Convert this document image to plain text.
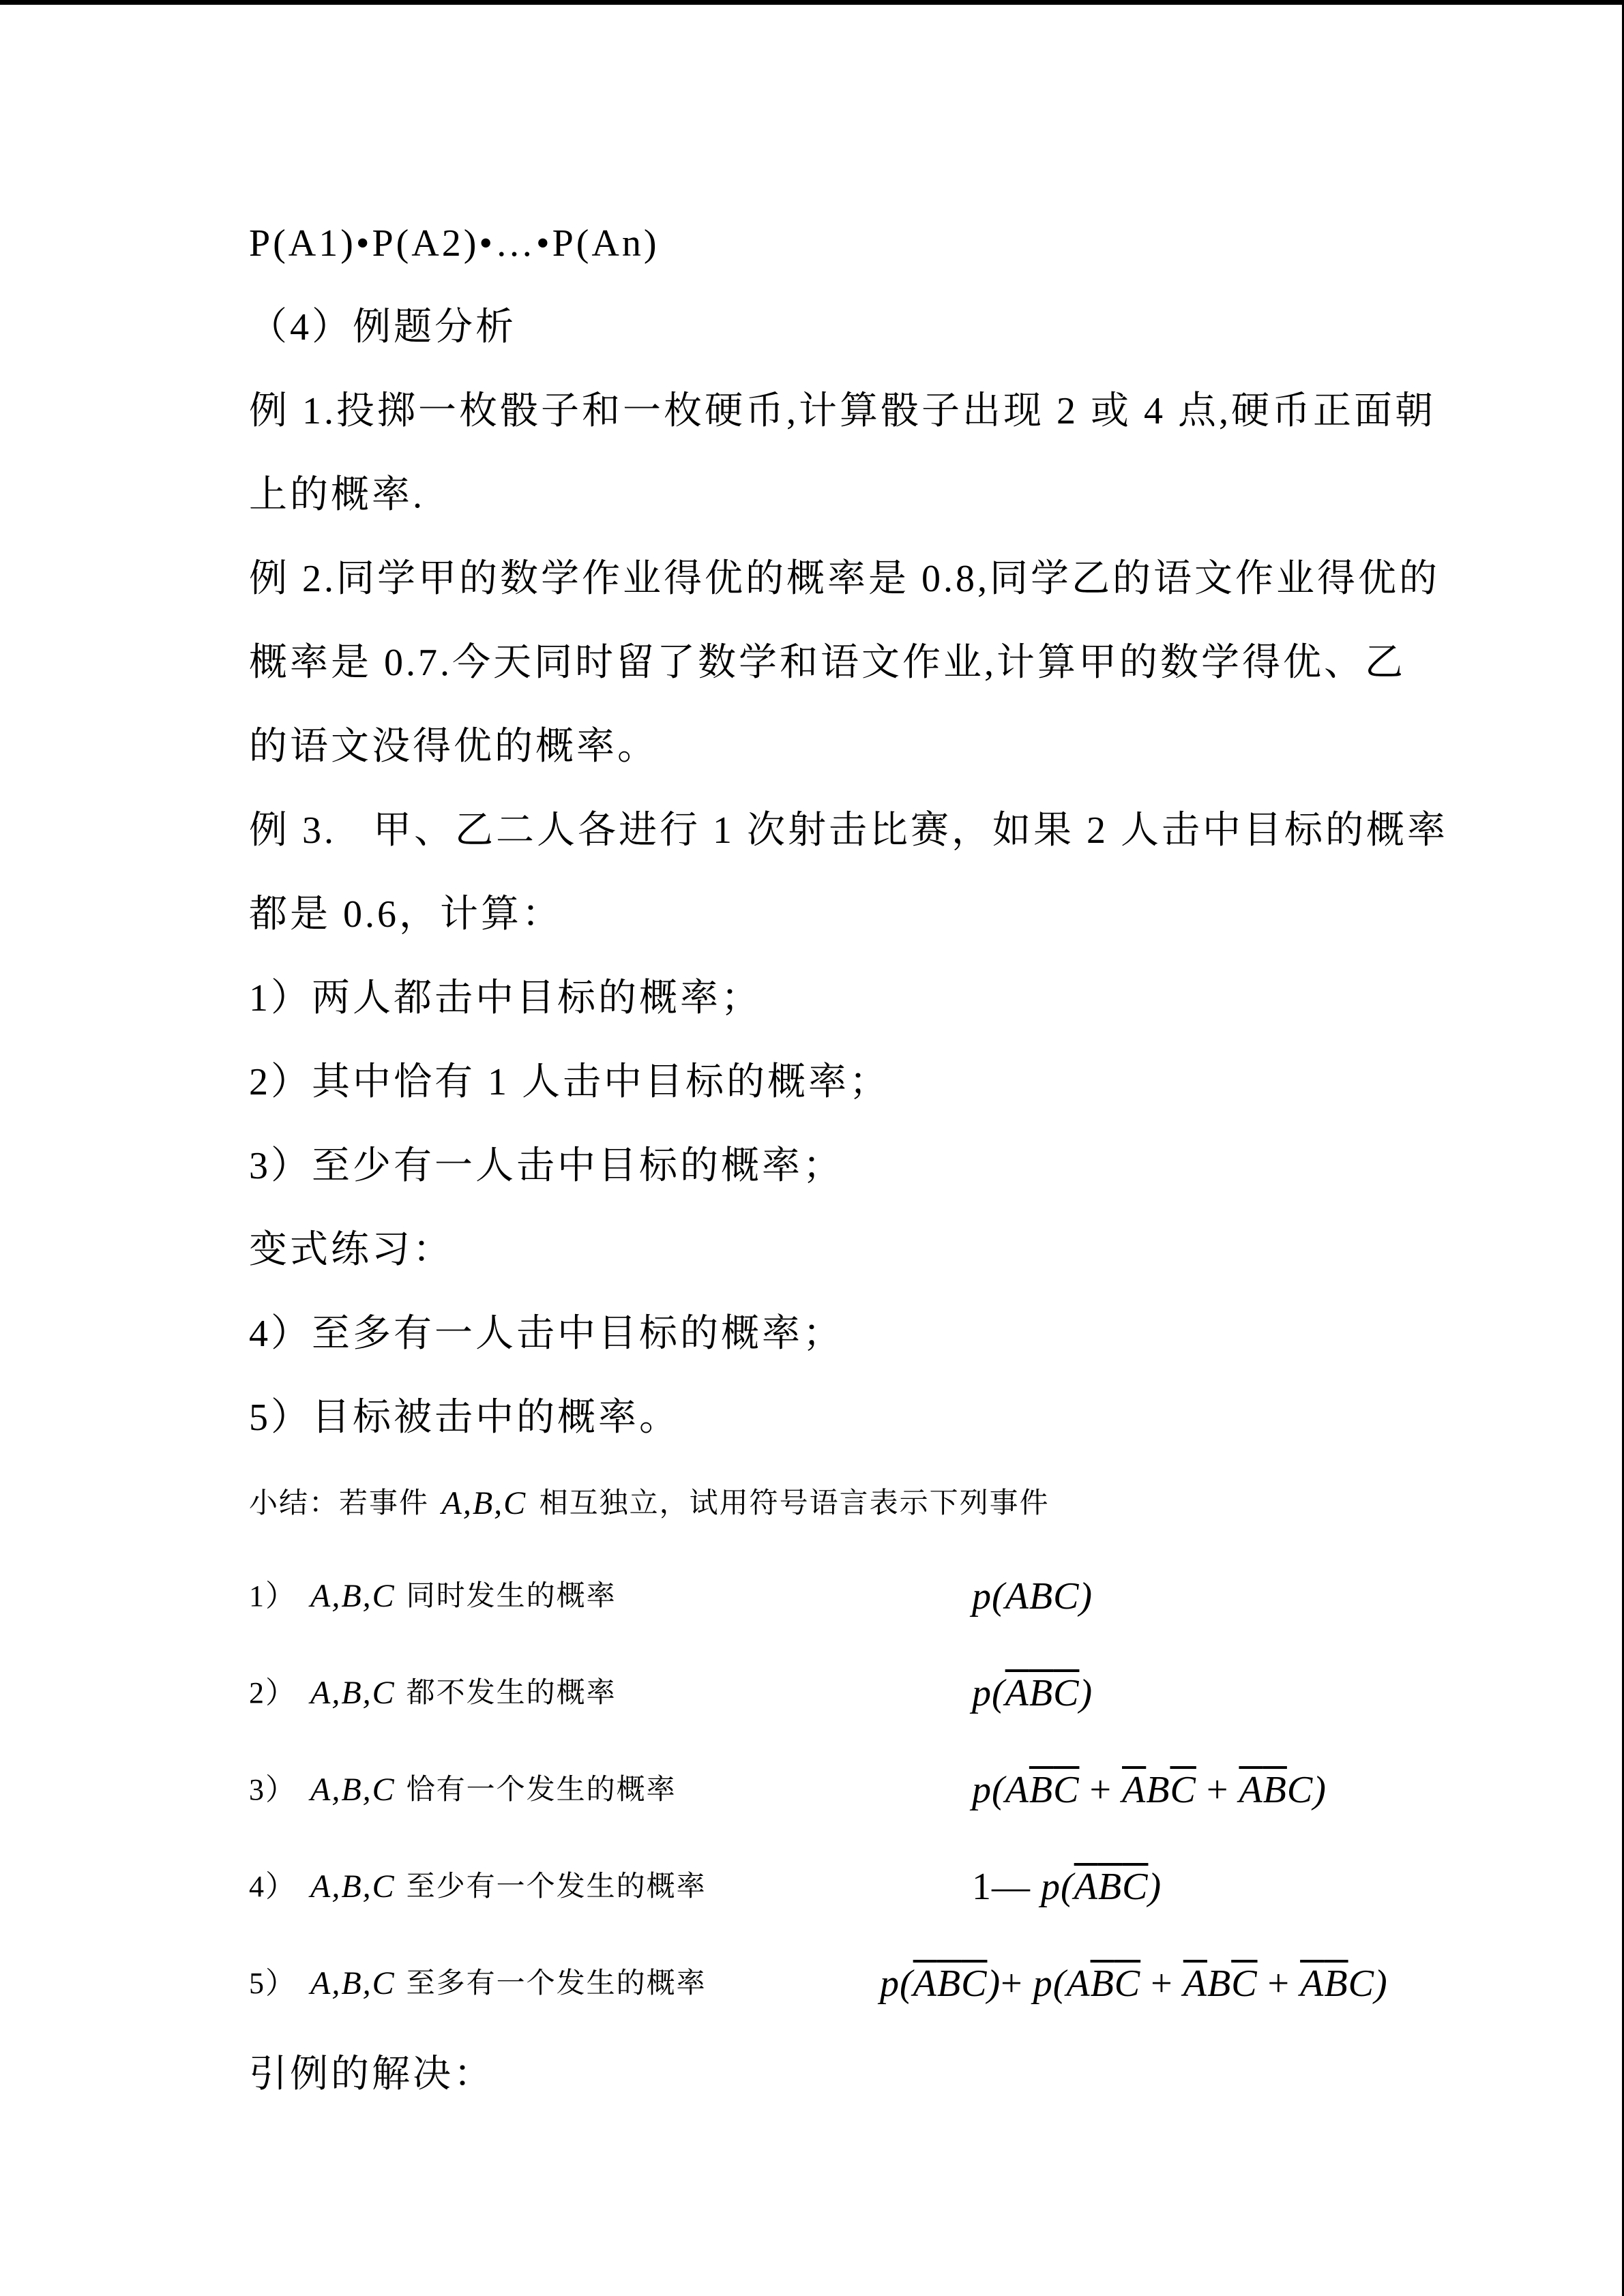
P(A1)•P(A2)•…•P(An)
（4）例题分析
例 1.投掷一枚骰子和一枚硬币,计算骰子出现 2 或 4 点,硬币正面朝
上的概率.
例 2.同学甲的数学作业得优的概率是 0.8,同学乙的语文作业得优的
概率是 0.7.今天同时留了数学和语文作业,计算甲的数学得优、乙
的语文没得优的概率。
例 3.   甲、乙二人各进行 1 次射击比赛，如果 2 人击中目标的概率
都是 0.6，计算：
1）两人都击中目标的概率；
2）其中恰有 1 人击中目标的概率；
3）至少有一人击中目标的概率；
变式练习：
4）至多有一人击中目标的概率；
5）目标被击中的概率。
小结：若事件 A,B,C 相互独立，试用符号语言表示下列事件
1） A,B,C 同时发生的概率	p(ABC)
2） A,B,C 都不发生的概率	$p(\overline{A}\overline{B}\overline{C})$
3） A,B,C 恰有一个发生的概率	$p(A\overline{B}\overline{C} + \overline{A}B\overline{C} + \overline{A}\overline{B}C)$
4） A,B,C 至少有一个发生的概率	1— $p(\overline{A}\overline{B}\overline{C})$
5） A,B,C 至多有一个发生的概率	$p(\overline{A}\overline{B}\overline{C})+ p(A\overline{B}\overline{C} + \overline{A}B\overline{C} + \overline{A}\overline{B}C)$
引例的解决：
